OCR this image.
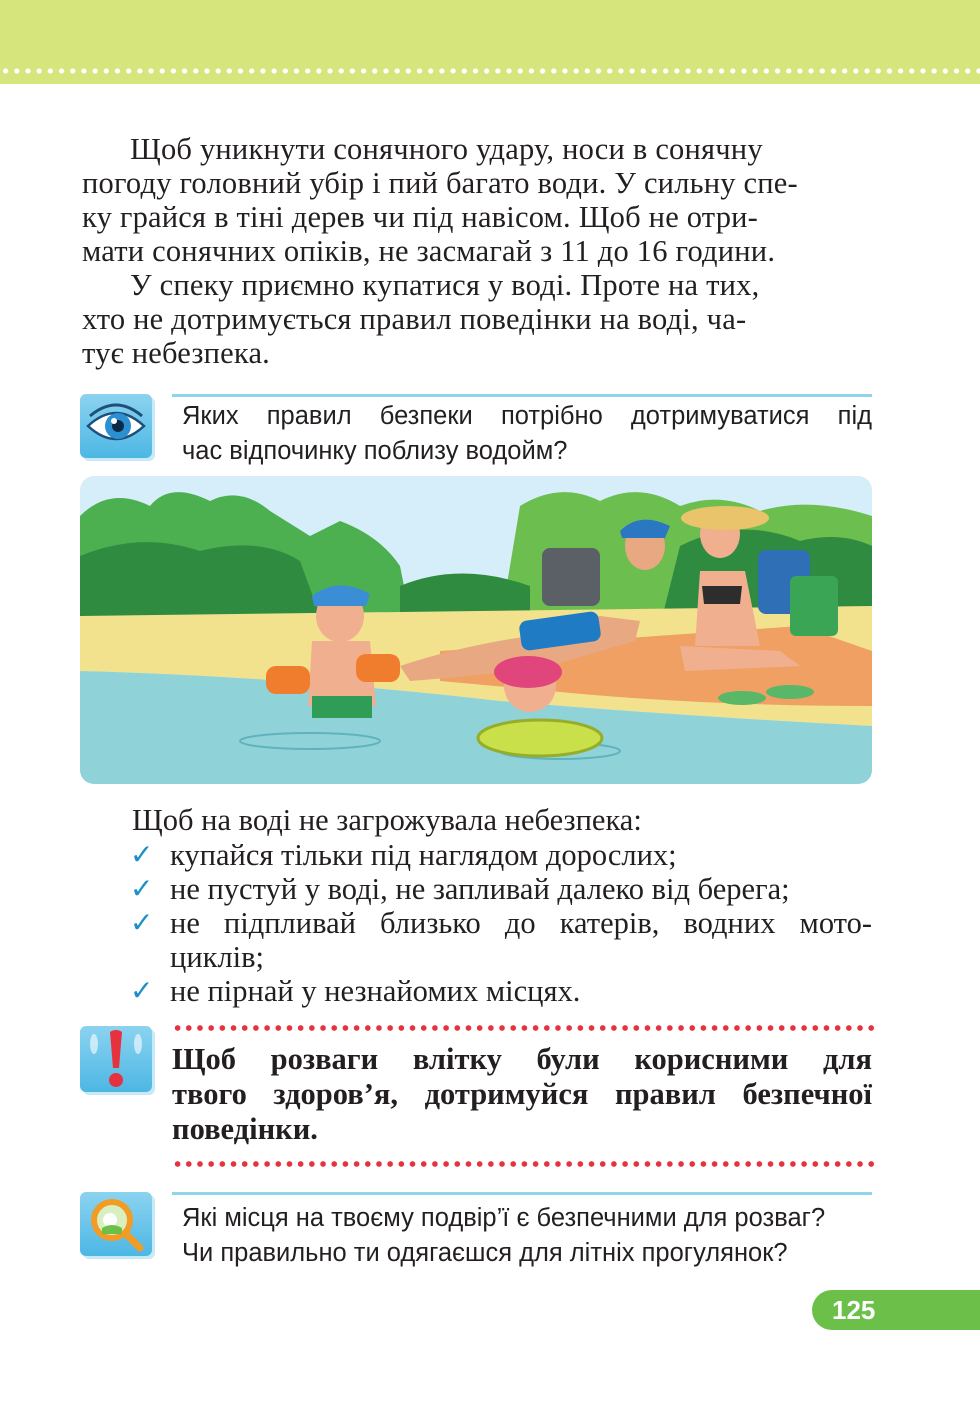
Щоб уникнути сонячного удару, носи в сонячну
погоду головний убір і пий багато води. У сильну спе-
ку грайся в тіні дерев чи під навісом. Щоб не отри-
мати сонячних опіків, не засмагай з 11 до 16 години.
У спеку приємно купатися у воді. Проте на тих,
хто не дотримується правил поведінки на воді, ча-
тує небезпека.
Яких правил безпеки потрібно дотримуватися під
час відпочинку поблизу водойм?
Щоб на воді не загрожувала небезпека:
✓ купайся тільки під наглядом дорослих;
✓ не пустуй у воді, не запливай далеко від берега;
✓ не підпливай близько до катерів, водних мото-
циклів;
✓ не пірнай у незнайомих місцях.
Щоб розваги влітку були корисними для
твого здоров’я, дотримуйся правил безпечної
поведінки.
Які місця на твоєму подвір’ї є безпечними для розваг?
Чи правильно ти одягаєшся для літніх прогулянок?
125
